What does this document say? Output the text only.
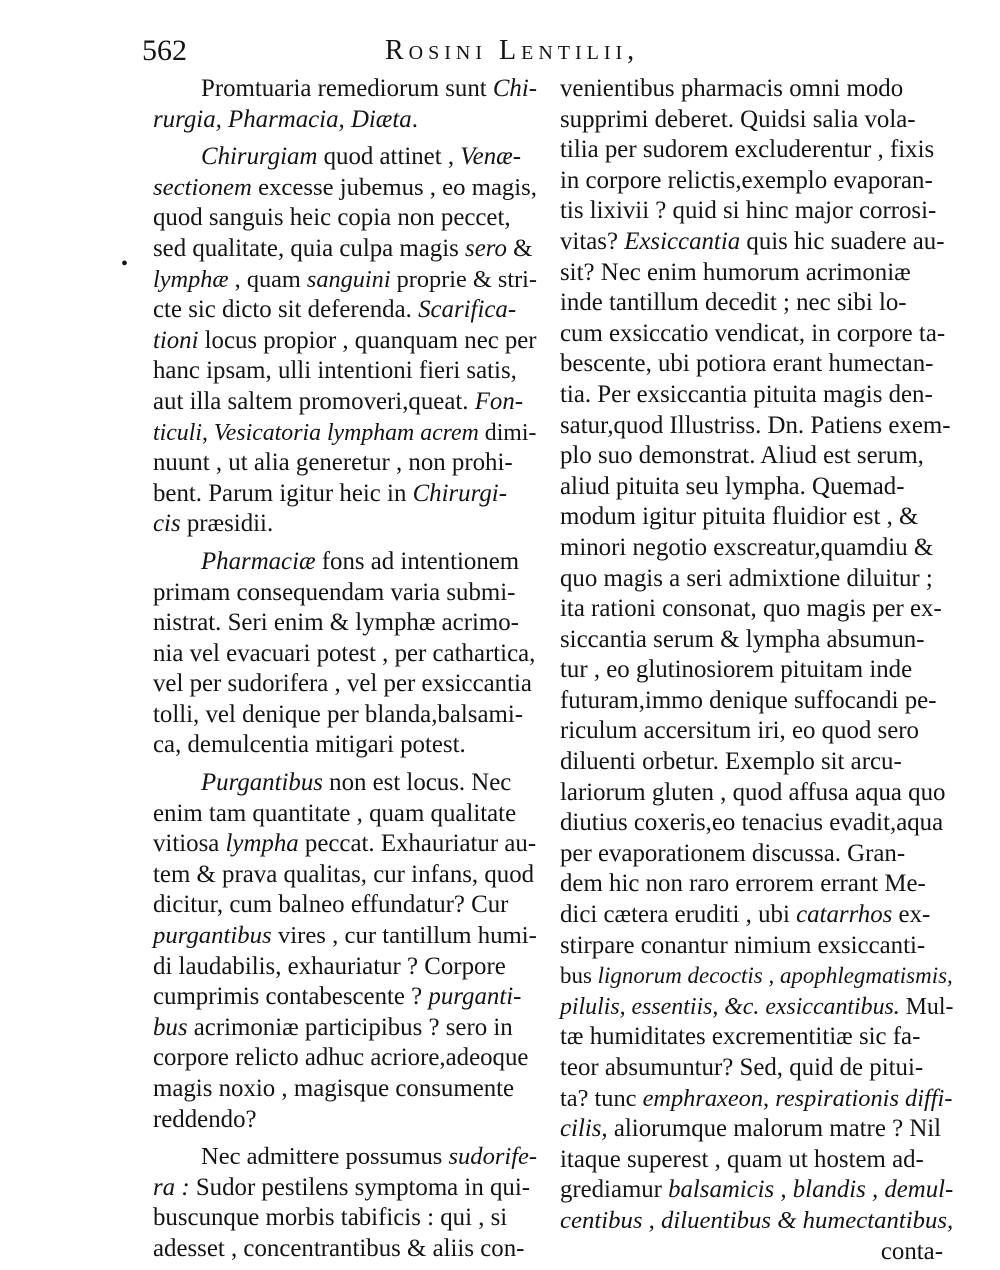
562	Rosini Lentilii,
•
Promtuaria remediorum sunt Chi-
rurgia, Pharmacia, Diæta.
Chirurgiam quod attinet , Venæ-
sectionem excesse jubemus , eo magis,
quod sanguis heic copia non peccet,
sed qualitate, quia culpa magis sero &
lymphæ , quam sanguini proprie & stri-
cte sic dicto sit deferenda. Scarifica-
tioni locus propior , quanquam nec per
hanc ipsam, ulli intentioni fieri satis,
aut illa saltem promoveri,queat. Fon-
ticuli, Vesicatoria lympham acrem dimi-
nuunt , ut alia generetur , non prohi-
bent. Parum igitur heic in Chirurgi-
cis præsidii.
Pharmaciæ fons ad intentionem
primam consequendam varia submi-
nistrat. Seri enim & lymphæ acrimo-
nia vel evacuari potest , per cathartica,
vel per sudorifera , vel per exsiccantia
tolli, vel denique per blanda,balsami-
ca, demulcentia mitigari potest.
Purgantibus non est locus. Nec
enim tam quantitate , quam qualitate
vitiosa lympha peccat. Exhauriatur au-
tem & prava qualitas, cur infans, quod
dicitur, cum balneo effundatur? Cur
purgantibus vires , cur tantillum humi-
di laudabilis, exhauriatur ? Corpore
cumprimis contabescente ? purganti-
bus acrimoniæ participibus ? sero in
corpore relicto adhuc acriore,adeoque
magis noxio , magisque consumente
reddendo?
Nec admittere possumus sudorife-
ra : Sudor pestilens symptoma in qui-
buscunque morbis tabificis : qui , si
adesset , concentrantibus & aliis con-
venientibus pharmacis omni modo
supprimi deberet. Quidsi salia vola-
tilia per sudorem excluderentur , fixis
in corpore relictis,exemplo evaporan-
tis lixivii ? quid si hinc major corrosi-
vitas? Exsiccantia quis hic suadere au-
sit? Nec enim humorum acrimoniæ
inde tantillum decedit ; nec sibi lo-
cum exsiccatio vendicat, in corpore ta-
bescente, ubi potiora erant humectan-
tia. Per exsiccantia pituita magis den-
satur,quod Illustriss. Dn. Patiens exem-
plo suo demonstrat. Aliud est serum,
aliud pituita seu lympha. Quemad-
modum igitur pituita fluidior est , &
minori negotio exscreatur,quamdiu &
quo magis a seri admixtione diluitur ;
ita rationi consonat, quo magis per ex-
siccantia serum & lympha absumun-
tur , eo glutinosiorem pituitam inde
futuram,immo denique suffocandi pe-
riculum accersitum iri, eo quod sero
diluenti orbetur. Exemplo sit arcu-
lariorum gluten , quod affusa aqua quo
diutius coxeris,eo tenacius evadit,aqua
per evaporationem discussa. Gran-
dem hic non raro errorem errant Me-
dici cætera eruditi , ubi catarrhos ex-
stirpare conantur nimium exsiccanti-
bus lignorum decoctis , apophlegmatismis,
pilulis, essentiis, &c. exsiccantibus. Mul-
tæ humiditates excrementitiæ sic fa-
teor absumuntur? Sed, quid de pitui-
ta? tunc emphraxeon, respirationis diffi-
cilis, aliorumque malorum matre ? Nil
itaque superest , quam ut hostem ad-
grediamur balsamicis , blandis , demul-
centibus , diluentibus & humectantibus,
conta-
